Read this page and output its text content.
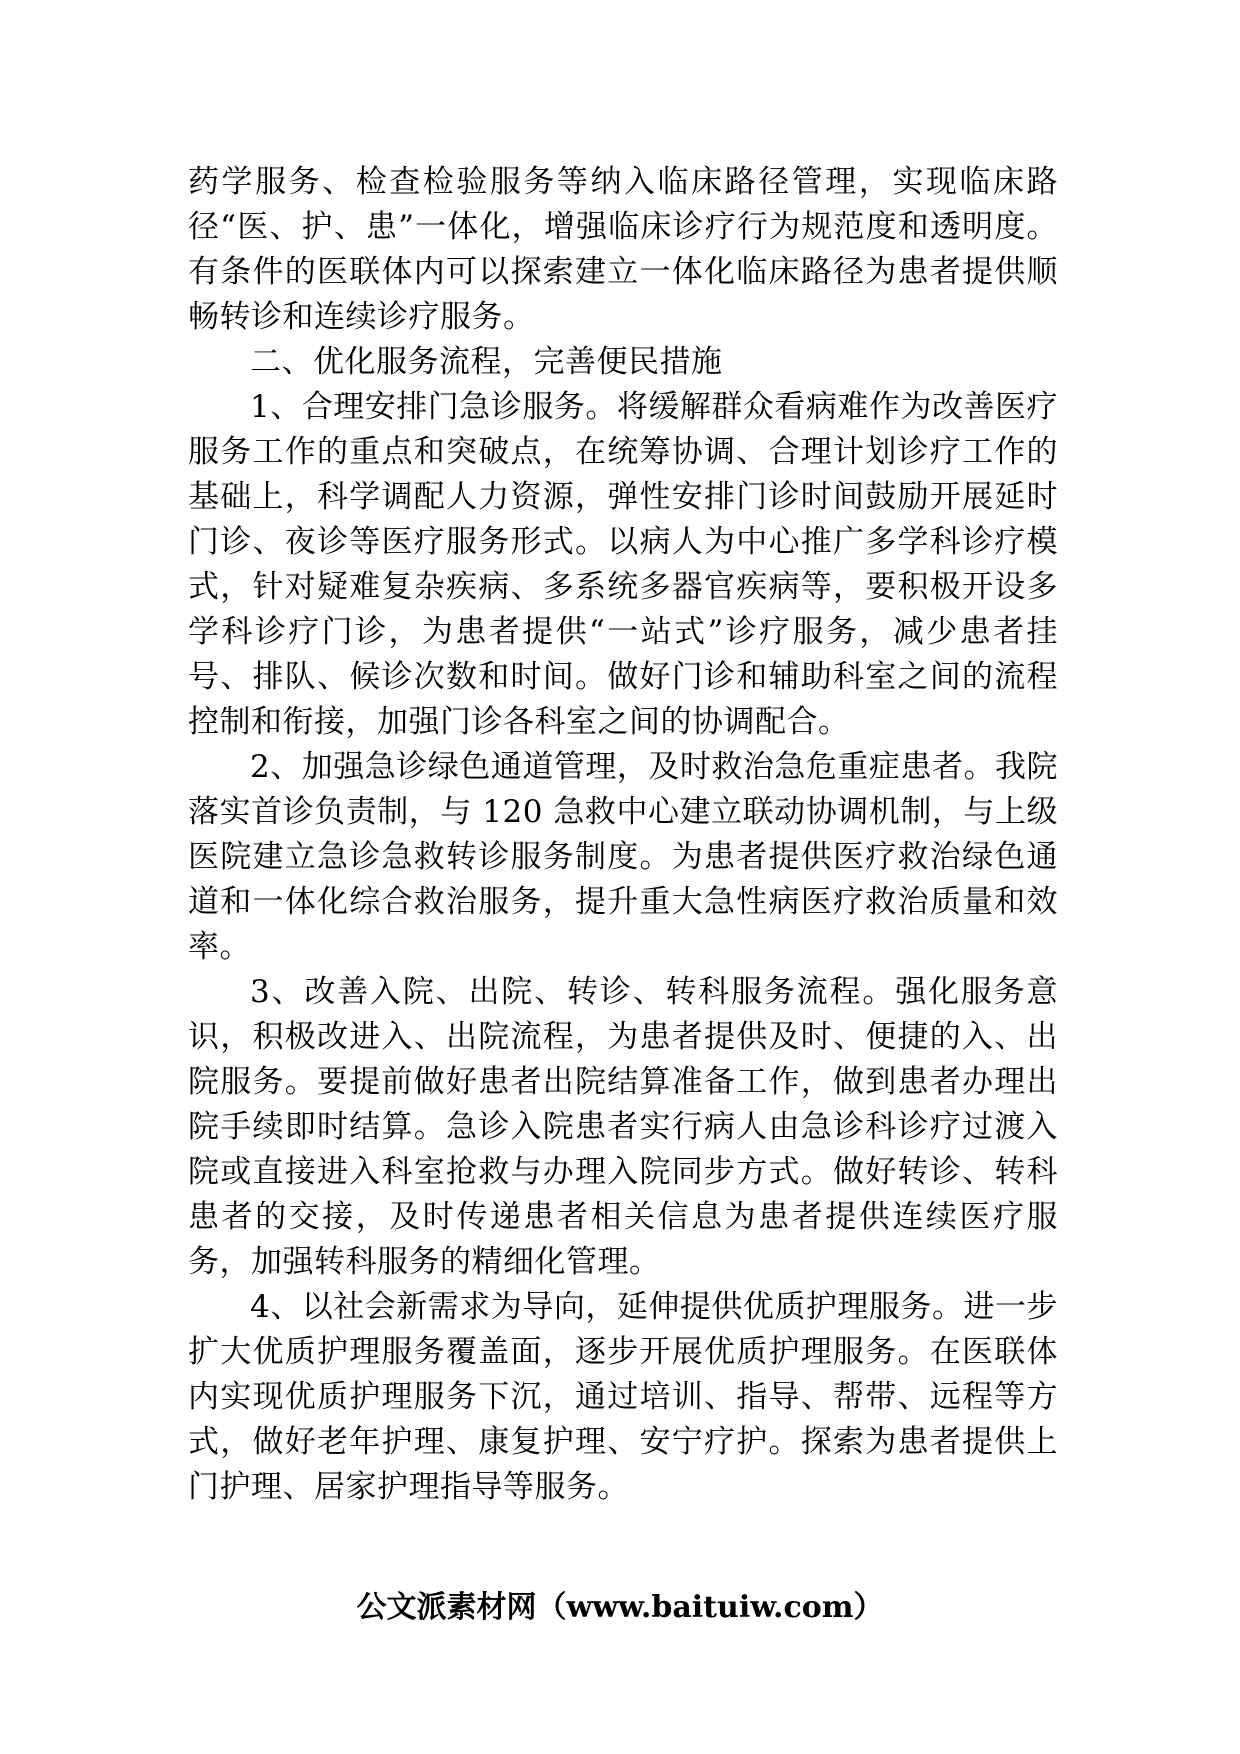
药学服务、检查检验服务等纳入临床路径管理，实现临床路径“医、护、患”一体化，增强临床诊疗行为规范度和透明度。有条件的医联体内可以探索建立一体化临床路径为患者提供顺畅转诊和连续诊疗服务。

二、优化服务流程，完善便民措施

1、合理安排门急诊服务。将缓解群众看病难作为改善医疗服务工作的重点和突破点，在统筹协调、合理计划诊疗工作的基础上，科学调配人力资源，弹性安排门诊时间鼓励开展延时门诊、夜诊等医疗服务形式。以病人为中心推广多学科诊疗模式，针对疑难复杂疾病、多系统多器官疾病等，要积极开设多学科诊疗门诊，为患者提供“一站式”诊疗服务，减少患者挂号、排队、候诊次数和时间。做好门诊和辅助科室之间的流程控制和衔接，加强门诊各科室之间的协调配合。

2、加强急诊绿色通道管理，及时救治急危重症患者。我院落实首诊负责制，与 120 急救中心建立联动协调机制，与上级医院建立急诊急救转诊服务制度。为患者提供医疗救治绿色通道和一体化综合救治服务，提升重大急性病医疗救治质量和效率。

3、改善入院、出院、转诊、转科服务流程。强化服务意识，积极改进入、出院流程，为患者提供及时、便捷的入、出院服务。要提前做好患者出院结算准备工作，做到患者办理出院手续即时结算。急诊入院患者实行病人由急诊科诊疗过渡入院或直接进入科室抢救与办理入院同步方式。做好转诊、转科患者的交接，及时传递患者相关信息为患者提供连续医疗服务，加强转科服务的精细化管理。

4、以社会新需求为导向，延伸提供优质护理服务。进一步扩大优质护理服务覆盖面，逐步开展优质护理服务。在医联体内实现优质护理服务下沉，通过培训、指导、帮带、远程等方式，做好老年护理、康复护理、安宁疗护。探索为患者提供上门护理、居家护理指导等服务。

公文派素材网（www.baituiw.com）
